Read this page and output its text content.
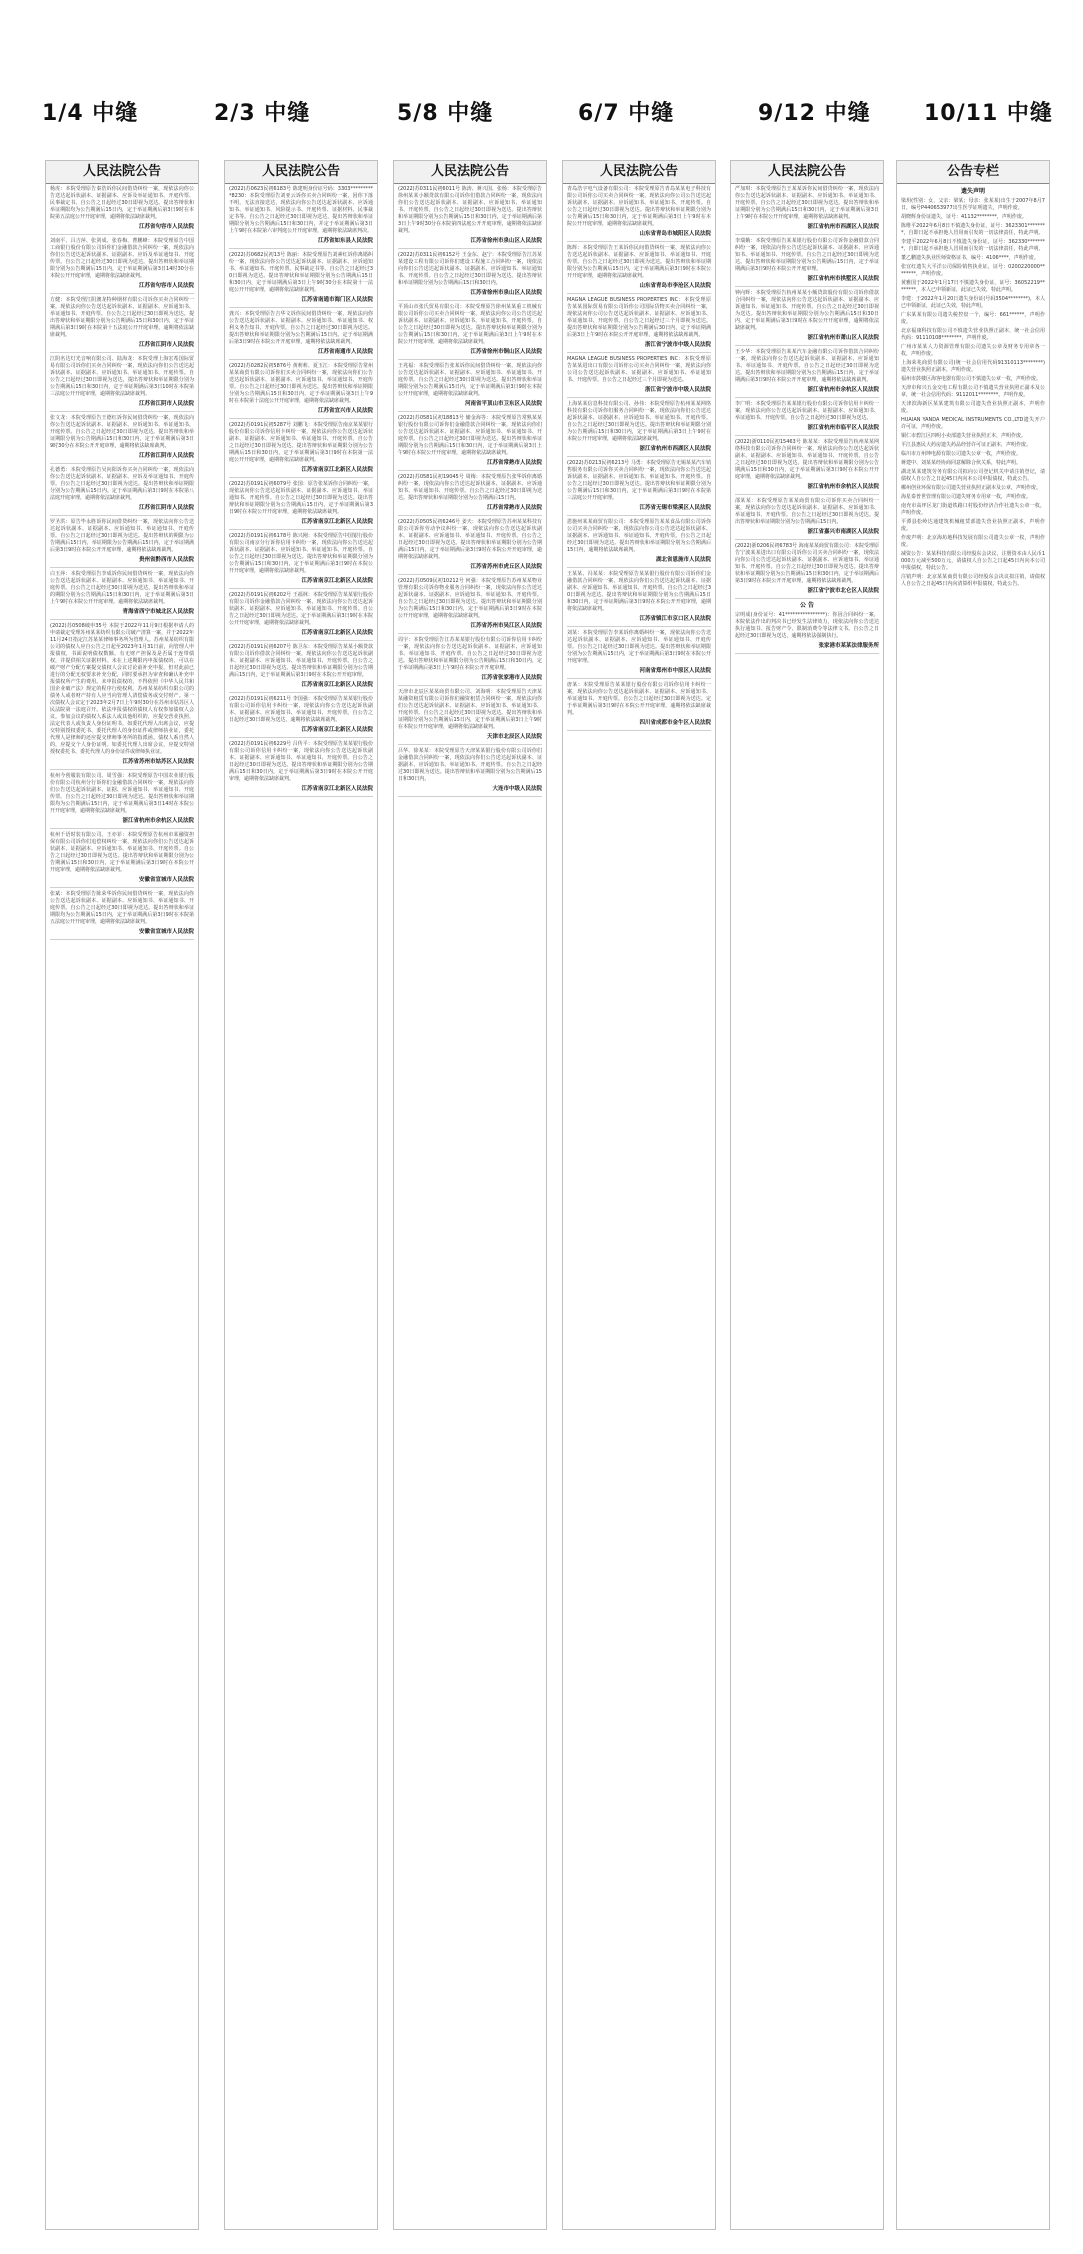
1/4 中缝	2/3 中缝	5/8 中缝	6/7 中缝	9/12 中缝 10/11 中缝
人民法院公告
杨虎：本院受理原告秦浩诉你民间借贷纠纷一案，现依法向你公告送达起诉状副本、证据副本、应诉及举证通知书、开庭传票、民事裁定书。自公告之日起经过30日即视为送达。提出答辩状和举证期限均为公告期满后15日内，定于举证期满后第3日9时在本院第五法庭公开开庭审理，逾期将依法缺席裁判。
江苏省句容市人民法院
刘南平、吕吉萍、张剑成、张春梅、曹鹏峰：本院受理原告中国工商银行股份有限公司诉你们金融借款合同纠纷一案，现依法向你们公告送达起诉状副本、证据副本、应诉及举证通知书、开庭传票。自公告之日起经过30日即视为送达。提出答辩状和举证期限分别为公告期满后15日内，定于举证期满后第3日14时30分在本院公开开庭审理，逾期将依法缺席裁判。
江苏省句容市人民法院
方健：本院受理江阴澳龙特种钢材有限公司诉你买卖合同纠纷一案，现依法向你公告送达起诉状副本、证据副本、应诉通知书、举证通知书、开庭传票。自公告之日起经过30日即视为送达。提出答辩状和举证期限分别为公告期满后15日和30日内，定于举证期满后第3日9时在本院第十五法庭公开开庭审理，逾期将依法缺席裁判。
江苏省江阴市人民法院
江阴名达灯光音响有限公司、陆海龙：本院受理上海宏希国际贸易有限公司诉你们买卖合同纠纷一案，现依法向你们公告送达起诉状副本、证据副本、应诉通知书、举证通知书、开庭传票。自公告之日起经过30日即视为送达，提出答辩状和举证期限分别为公告期满后15日和30日内，定于举证期满后第3日10时在本院第三法庭公开开庭审理，逾期将依法缺席裁判。
江苏省江阴市人民法院
张文龙：本院受理原告王德红诉你民间借贷纠纷一案，现依法向你公告送达起诉状副本、证据副本、应诉通知书、举证通知书、开庭传票。自公告之日起经过30日即视为送达。提出答辩状和举证期限分别为公告期满后15日和30日内，定于举证期满后第3日9时30分在本院公开开庭审理，逾期将依法缺席裁判。
江苏省江阴市人民法院
孔德勇：本院受理原告吴向阳诉你买卖合同纠纷一案，现依法向你公告送达起诉状副本、证据副本、应诉及举证通知书、开庭传票。自公告之日起经过30日即视为送达。提出答辩状和举证期限分别为公告期满后15日内。定于举证期满后第3日9时在本院第八法庭开庭审理，逾期将依法缺席裁判。
江苏省江阴市人民法院
罗圣洪：原告毕永胜诉你民间借贷纠纷一案，现依法向你公告送达起诉状副本、证据副本、应诉通知书、举证通知书、开庭传票。自公告之日起经过30日即视为送达。提出答辩状的期限为公告期满后15日内，举证期限为公告期满后15日内，定于举证期满后第3日9时在本院公开开庭审理，逾期将依法缺席裁判。
贵州省黔西市人民法院
白玉萍：本院受理原告李成诉你民间借贷纠纷一案，现依法向你公告送达起诉状副本、证据副本、应诉通知书、举证通知书、开庭传票。自公告之日起经过30日即视为送达，提出答辩状和举证的期限分别为公告期满后15日和30日内，定于举证期满后第3日上午9时在本院公开开庭审理，逾期将依法缺席裁判。
青海省西宁市城北区人民法院
(2022)苏0508破申35号 本院于2022年11月9日根据申请人的申请裁定受理苏州某某纺织有限公司破产清算一案，并于2022年11月24日指定江苏某某律师事务所为管理人。苏州某某纺织有限公司的债权人应自公告之日起至2023年1月31日前，向管理人申报债权，书面说明债权数额、有无财产担保及是否属于连带债权，并提供相关证据材料。未在上述期限内申报债权的，可以在破产财产分配方案提交债权人会议讨论前补充申报，但对此前已进行的分配无权要求补充分配，同时要承担为审查和确认补充申报债权所产生的费用。未申报债权的，不得依照《中华人民共和国企业破产法》规定的程序行使权利。苏州某某纺织有限公司的债务人或者财产持有人应当向管理人清偿债务或交付财产。第一次债权人会议定于2023年2月7日上午9时30分在苏州市姑苏区人民法院第一法庭召开。依法申报债权的债权人有权参加债权人会议。参加会议的债权人系法人或其他组织的，应提交营业执照、法定代表人或负责人身份证明书，如委托代理人出席会议，应提交特别授权委托书、委托代理人的身份证件或律师执业证，委托代理人是律师的还应提交律师事务所的指派函。债权人系自然人的，应提交个人身份证明。如委托代理人出席会议，应提交特别授权委托书、委托代理人的身份证件或律师执业证。
江苏省苏州市姑苏区人民法院
杭州今创服装有限公司、周雪强：本院受理原告中国农业银行股份有限公司杭州分行诉你们金融借款合同纠纷一案，现依法向你们公告送达起诉状副本、证据、应诉通知书、举证通知书、开庭传票。自公告之日起经过30日即视为送达。提出答辩状和举证期限均为公告期满后15日内，定于举证期满后第3日14时在本院公开开庭审理，逾期将依法缺席裁判。
浙江省杭州市余杭区人民法院
杭州千语时装有限公司、王亦菲：本院受理原告杭州市某融资担保有限公司诉你们追偿权纠纷一案，现依法向你们公告送达起诉状副本、证据副本、应诉通知书、举证通知书、开庭传票。自公告之日起经过30日即视为送达。提出答辩状和举证期限分别为公告期满后15日和30日内，定于举证期满后第3日9时在本院公开开庭审理，逾期将依法缺席裁判。
安徽省宣城市人民法院
张斌：本院受理原告陈荣华诉你民间借贷纠纷一案，现依法向你公告送达起诉状副本、证据副本、应诉通知书、举证通知书、开庭传票。自公告之日起经过30日即视为送达。提出答辩状和举证期限均为公告期满后15日内，定于举证期满后第3日9时在本院第五法庭公开开庭审理，逾期将依法缺席裁判。
安徽省宣城市人民法院
人民法院公告
(2022)苏0623民初6183号 陈建明身份证号码：3303**********8230：本院受理原告刘亚云诉你买卖合同纠纷一案，因你下落不明，无法直接送达，现依法向你公告送达起诉状副本、应诉通知书、举证通知书、风险提示书、开庭传票、证据材料、民事裁定书等。自公告之日起经过30日即视为送达，提出答辩状和举证期限分别为公告期满后15日和30日内，并定于举证期满后第3日上午9时在本院第六审判庭公开开庭审理，逾期将依法缺席判决。
江苏省如东县人民法院
(2022)苏0682民初13号 陈丽：本院受理原告刘素红诉你离婚纠纷一案，现依法向你公告送达起诉状副本、证据副本、应诉通知书、举证通知书、开庭传票、民事裁定书等。自公告之日起经过30日即视为送达。提出答辩状和举证期限分别为公告期满后15日和30日内，定于举证期满后第3日上午9时30分在本院第十一法庭公开开庭审理，逾期将依法缺席裁判。
江苏省南通市海门区人民法院
龚兴：本院受理原告吉华文诉你民间借贷纠纷一案，现依法向你公告送达起诉状副本、证据副本、应诉通知书、举证通知书、权利义务告知书、开庭传票。自公告之日起经过30日即视为送达。提出答辩状和举证期限分别为公告期满后15日内。定于举证期满后第3日9时在本院公开开庭审理，逾期将依法缺席裁判。
江苏省南通市人民法院
(2022)苏0282民初5876号 黄莉莉、夏玉江：本院受理原告常州某某商贸有限公司诉你们买卖合同纠纷一案，现依法向你们公告送达起诉状副本、证据副本、应诉通知书、举证通知书、开庭传票。自公告之日起经过30日即视为送达。提出答辩状和举证期限分别为公告期满后15日和30日内，定于举证期满后第3日上午9时在本院第十法庭公开开庭审理，逾期将依法缺席裁判。
江苏省宜兴市人民法院
(2022)苏0191民初5287号 刘鹏飞：本院受理原告南京某某银行股份有限公司诉你信用卡纠纷一案，现依法向你公告送达起诉状副本、证据副本、应诉通知书、举证通知书、开庭传票。自公告之日起经过30日即视为送达。提出答辩状和举证期限分别为公告期满后15日和30日内，定于举证期满后第3日9时在本院第一法庭公开开庭审理，逾期将依法缺席裁判。
江苏省南京江北新区人民法院
(2022)苏0191民初6079号 张国：原告张某诉你合同纠纷一案，现依法向你公告送达起诉状副本、证据副本、应诉通知书、举证通知书、开庭传票。自公告之日起经过30日即视为送达。提出答辩状和举证期限分别为公告期满后15日内，定于举证期满后第3日9时在本院公开开庭审理，逾期将依法缺席裁判。
江苏省南京江北新区人民法院
(2022)苏0191民初6178号 陈兴刚：本院受理原告中国银行股份有限公司南京分行诉你信用卡纠纷一案，现依法向你公告送达起诉状副本、证据副本、应诉通知书、举证通知书、开庭传票。自公告之日起经过30日即视为送达。提出答辩状和举证期限分别为公告期满后15日和30日内，定于举证期满后第3日9时在本院公开开庭审理，逾期将依法缺席裁判。
江苏省南京江北新区人民法院
(2022)苏0191民初6202号 王福林：本院受理原告某某银行股份有限公司诉你金融借款合同纠纷一案，现依法向你公告送达起诉状副本、证据副本、应诉通知书、举证通知书、开庭传票。自公告之日起经过30日即视为送达。定于举证期满后第3日9时在本院公开开庭审理，逾期将依法缺席裁判。
江苏省南京江北新区人民法院
(2022)苏0191民初6207号 陈卫东：本院受理原告某某小额贷款有限公司诉你借款合同纠纷一案，现依法向你公告送达起诉状副本、证据副本、应诉通知书、举证通知书、开庭传票。自公告之日起经过30日即视为送达。提出答辩状和举证期限分别为公告期满后15日内，定于举证期满后第3日9时在本院公开开庭审理。
江苏省南京江北新区人民法院
(2022)苏0191民初6211号 李国强：本院受理原告某某银行股份有限公司诉你信用卡纠纷一案，现依法向你公告送达起诉状副本、证据副本、应诉通知书、举证通知书、开庭传票。自公告之日起经过30日即视为送达，逾期将依法缺席裁判。
江苏省南京江北新区人民法院
(2022)苏0191民初6229号 吕传平：本院受理原告某某银行股份有限公司诉你信用卡纠纷一案，现依法向你公告送达起诉状副本、证据副本、应诉通知书、举证通知书、开庭传票。自公告之日起经过30日即视为送达。提出答辩状和举证期限分别为公告期满后15日和30日内，定于举证期满后第3日9时在本院公开开庭审理，逾期将依法缺席裁判。
江苏省南京江北新区人民法院
人民法院公告
(2022)苏0311民初6011号 陈涛、蒋兴国、张杨：本院受理原告徐州某某小额贷款有限公司诉你们借款合同纠纷一案，现依法向你们公告送达起诉状副本、证据副本、应诉通知书、举证通知书、开庭传票。自公告之日起经过30日即视为送达。提出答辩状和举证期限分别为公告期满后15日和30日内，定于举证期满后第3日上午9时30分在本院第四法庭公开开庭审理，逾期将依法缺席裁判。
江苏省徐州市泉山区人民法院
(2022)苏0311民初6152号 王金东、赵宁：本院受理原告江苏某某建设工程有限公司诉你们建设工程施工合同纠纷一案，现依法向你们公告送达起诉状副本、证据副本、应诉通知书、举证通知书、开庭传票。自公告之日起经过30日即视为送达。提出答辩状和举证期限分别为公告期满后15日和30日内。
江苏省徐州市泉山区人民法院
平顶山市张氏贸易有限公司：本院受理原告徐州某某重工机械有限公司诉你公司买卖合同纠纷一案，现依法向你公司公告送达起诉状副本、证据副本、应诉通知书、举证通知书、开庭传票。自公告之日起经过30日即视为送达。提出答辩状和举证期限分别为公告期满后15日和30日内，定于举证期满后第3日上午9时在本院公开开庭审理，逾期将依法缺席裁判。
江苏省徐州市铜山区人民法院
王兆福：本院受理原告张某诉你民间借贷纠纷一案，现依法向你公告送达起诉状副本、证据副本、应诉通知书、举证通知书、开庭传票。自公告之日起经过30日即视为送达。提出答辩状和举证期限分别为公告期满后15日内，定于举证期满后第3日9时在本院公开开庭审理，逾期将依法缺席裁判。
河南省平顶山市卫东区人民法院
(2022)苏0581民初18813号 储金海等：本院受理原告常熟某某银行股份有限公司诉你们金融借款合同纠纷一案，现依法向你们公告送达起诉状副本、证据副本、应诉通知书、举证通知书、开庭传票。自公告之日起经过30日即视为送达。提出答辩状和举证期限分别为公告期满后15日和30日内，定于举证期满后第3日上午9时在本院公开开庭审理，逾期将依法缺席裁判。
江苏省常熟市人民法院
(2022)苏0581民初19045号 周梅：本院受理原告张华诉你离婚纠纷一案，现依法向你公告送达起诉状副本、证据副本、应诉通知书、举证通知书、开庭传票。自公告之日起经过30日即视为送达。提出答辩状和举证期限分别为公告期满后15日内。
江苏省常熟市人民法院
(2022)苏0505民初6246号 姜天：本院受理原告苏州某某科技有限公司诉你劳动争议纠纷一案，现依法向你公告送达起诉状副本、证据副本、应诉通知书、举证通知书、开庭传票。自公告之日起经过30日即视为送达。提出答辩状和举证期限分别为公告期满后15日内，定于举证期满后第3日9时在本院公开开庭审理，逾期将依法缺席裁判。
江苏省苏州市虎丘区人民法院
(2022)苏0509民初10212号 何强：本院受理原告苏州某某物业管理有限公司诉你物业服务合同纠纷一案，现依法向你公告送达起诉状副本、证据副本、应诉通知书、举证通知书、开庭传票。自公告之日起经过30日即视为送达。提出答辩状和举证期限分别为公告期满后15日和30日内，定于举证期满后第3日9时在本院公开开庭审理，逾期将依法缺席裁判。
江苏省苏州市吴江区人民法院
周宇：本院受理原告江苏某某银行股份有限公司诉你信用卡纠纷一案，现依法向你公告送达起诉状副本、证据副本、应诉通知书、举证通知书、开庭传票。自公告之日起经过30日即视为送达。提出答辩状和举证期限分别为公告期满后15日和30日内，定于举证期满后第3日上午9时在本院公开开庭审理。
江苏省张家港市人民法院
天津市北辰区某某商贸有限公司、刘海明：本院受理原告天津某某融资租赁有限公司诉你们融资租赁合同纠纷一案，现依法向你们公告送达起诉状副本、证据副本、应诉通知书、举证通知书、开庭传票。自公告之日起经过30日即视为送达。提出答辩状和举证期限分别为公告期满后15日内，定于举证期满后第3日上午9时在本院公开开庭审理，逾期将依法缺席裁判。
天津市北辰区人民法院
吕华、徐某某：本院受理原告天津某某银行股份有限公司诉你们金融借款合同纠纷一案，现依法向你们公告送达起诉状副本、证据副本、应诉通知书、举证通知书、开庭传票。自公告之日起经过30日即视为送达。提出答辩状和举证期限分别为公告期满后15日和30日内。
大连市中级人民法院
人民法院公告
青岛浩宇电气设备有限公司：本院受理原告青岛某某电子科技有限公司诉你公司买卖合同纠纷一案，现依法向你公司公告送达起诉状副本、证据副本、应诉通知书、举证通知书、开庭传票。自公告之日起经过30日即视为送达。提出答辩状和举证期限分别为公告期满后15日和30日内，定于举证期满后第3日上午9时在本院公开开庭审理，逾期将依法缺席裁判。
山东省青岛市城阳区人民法院
陈辉：本院受理原告王某诉你民间借贷纠纷一案，现依法向你公告送达起诉状副本、证据副本、应诉通知书、举证通知书、开庭传票。自公告之日起经过30日即视为送达。提出答辩状和举证期限分别为公告期满后15日内，定于举证期满后第3日9时在本院公开开庭审理，逾期将依法缺席裁判。
山东省青岛市李沧区人民法院
MAGNA LEAGUE BUSINESS PROPERTIES INC：本院受理原告某某国际贸易有限公司诉你公司国际货物买卖合同纠纷一案，现依法向你公司公告送达起诉状副本、证据副本、应诉通知书、举证通知书、开庭传票。自公告之日起经过三个月即视为送达。提出答辩状和举证期限分别为公告期满后30日内，定于举证期满后第3日上午9时在本院公开开庭审理，逾期将依法缺席裁判。
浙江省宁波市中级人民法院
MAGNA LEAGUE BUSINESS PROPERTIES INC：本院受理原告某某进出口有限公司诉你公司买卖合同纠纷一案，现依法向你公司公告送达起诉状副本、证据副本、应诉通知书、举证通知书、开庭传票。自公告之日起经过三个月即视为送达。
浙江省宁波市中级人民法院
上海某某信息科技有限公司、孙伟：本院受理原告杭州某某网络科技有限公司诉你们服务合同纠纷一案，现依法向你们公告送达起诉状副本、证据副本、应诉通知书、举证通知书、开庭传票。自公告之日起经过30日即视为送达。提出答辩状和举证期限分别为公告期满后15日和30日内，定于举证期满后第3日上午9时在本院公开开庭审理，逾期将依法缺席裁判。
浙江省杭州市西湖区人民法院
(2022)苏0213民初6213号 马勇：本院受理原告无锡某某汽车销售服务有限公司诉你买卖合同纠纷一案，现依法向你公告送达起诉状副本、证据副本、应诉通知书、举证通知书、开庭传票。自公告之日起经过30日即视为送达。提出答辩状和举证期限分别为公告期满后15日和30日内，定于举证期满后第3日9时在本院第三法庭公开开庭审理。
江苏省无锡市梁溪区人民法院
恩施州某某商贸有限公司：本院受理原告某某食品有限公司诉你公司买卖合同纠纷一案，现依法向你公司公告送达起诉状副本、证据副本、应诉通知书、举证通知书、开庭传票。自公告之日起经过30日即视为送达。提出答辩状和举证期限分别为公告期满后15日内，逾期将依法缺席裁判。
湖北省恩施市人民法院
王某某、冯某某：本院受理原告某某银行股份有限公司诉你们金融借款合同纠纷一案，现依法向你们公告送达起诉状副本、证据副本、应诉通知书、举证通知书、开庭传票。自公告之日起经过30日即视为送达。提出答辩状和举证期限分别为公告期满后15日和30日内，定于举证期满后第3日9时在本院公开开庭审理，逾期将依法缺席裁判。
江苏省镇江市京口区人民法院
刘某：本院受理原告李某诉你离婚纠纷一案，现依法向你公告送达起诉状副本、证据副本、应诉通知书、举证通知书、开庭传票。自公告之日起经过30日即视为送达。提出答辩状和举证期限分别为公告期满后15日内，定于举证期满后第3日9时在本院公开开庭审理。
河南省郑州市中原区人民法院
唐某：本院受理原告某某银行股份有限公司诉你信用卡纠纷一案，现依法向你公告送达起诉状副本、证据副本、应诉通知书、举证通知书、开庭传票。自公告之日起经过30日即视为送达。定于举证期满后第3日9时在本院公开开庭审理，逾期将依法缺席裁判。
四川省成都市金牛区人民法院
人民法院公告
严加琪：本院受理原告王某某诉你民间借贷纠纷一案，现依法向你公告送达起诉状副本、证据副本、应诉通知书、举证通知书、开庭传票。自公告之日起经过30日即视为送达。提出答辩状和举证期限分别为公告期满后15日和30日内，定于举证期满后第3日上午9时在本院公开开庭审理，逾期将依法缺席裁判。
浙江省杭州市西湖区人民法院
李瑞娥：本院受理原告某某银行股份有限公司诉你金融借款合同纠纷一案，现依法向你公告送达起诉状副本、证据副本、应诉通知书、举证通知书、开庭传票。自公告之日起经过30日即视为送达。提出答辩状和举证期限分别为公告期满后15日内，定于举证期满后第3日9时在本院公开开庭审理。
浙江省杭州市拱墅区人民法院
钟向辉：本院受理原告杭州某某小额贷款股份有限公司诉你借款合同纠纷一案，现依法向你公告送达起诉状副本、证据副本、应诉通知书、举证通知书、开庭传票。自公告之日起经过30日即视为送达。提出答辩状和举证期限分别为公告期满后15日和30日内，定于举证期满后第3日9时在本院公开开庭审理，逾期将依法缺席裁判。
浙江省杭州市萧山区人民法院
王少华：本院受理原告某某汽车金融有限公司诉你借款合同纠纷一案，现依法向你公告送达起诉状副本、证据副本、应诉通知书、举证通知书、开庭传票。自公告之日起经过30日即视为送达。提出答辩状和举证期限分别为公告期满后15日内，定于举证期满后第3日9时在本院公开开庭审理，逾期将依法缺席裁判。
浙江省杭州市余杭区人民法院
李广明：本院受理原告某某银行股份有限公司诉你信用卡纠纷一案，现依法向你公告送达起诉状副本、证据副本、应诉通知书、举证通知书、开庭传票。自公告之日起经过30日即视为送达。
浙江省杭州市临平区人民法院
(2022)浙0110民初15463号 陈某某：本院受理原告杭州某某网络科技有限公司诉你合同纠纷一案，现依法向你公告送达起诉状副本、证据副本、应诉通知书、举证通知书、开庭传票。自公告之日起经过30日即视为送达。提出答辩状和举证期限分别为公告期满后15日和30日内，定于举证期满后第3日9时在本院公开开庭审理，逾期将依法缺席裁判。
浙江省杭州市余杭区人民法院
邵某某：本院受理原告某某商贸有限公司诉你买卖合同纠纷一案，现依法向你公告送达起诉状副本、证据副本、应诉通知书、举证通知书、开庭传票。自公告之日起经过30日即视为送达。提出答辩状和举证期限分别为公告期满后15日内。
浙江省嘉兴市南湖区人民法院
(2022)浙0206民初6783号 海南某某商贸有限公司：本院受理原告宁波某某进出口有限公司诉你公司买卖合同纠纷一案，现依法向你公司公告送达起诉状副本、证据副本、应诉通知书、举证通知书、开庭传票。自公告之日起经过30日即视为送达。提出答辩状和举证期限分别为公告期满后15日和30日内，定于举证期满后第3日9时在本院公开开庭审理，逾期将依法缺席裁判。
浙江省宁波市北仑区人民法院
公 告
宗明成(身份证号：41****************)：你因合同纠纷一案，本院依法作出的判决书已经发生法律效力，现依法向你公告送达执行通知书、报告财产令、限制消费令等法律文书。自公告之日起经过30日即视为送达，逾期将依法强制执行。
张家港市某某法律服务所
公告专栏
遗失声明
梁玥(性别：女，父亲：梁某；母亲：张某某)出生于2007年8月7日，编号P440653977出生医学证明遗失，声明作废。
胡晓辉身份证遗失，证号：41132********，声明作废。
陈维平2022年6月8日不慎遗失身份证，证号：3623301********，自即日起不承担他人冒用而引发的一切法律责任，特此声明。
李建平2022年6月8日不慎遗失身份证，证号：362330********，自即日起不承担他人冒用而引发的一切法律责任，特此声明。
董乙鹏遗失执业医师资格证书，编号：4106****，声明作废。
张宜红遗失大平洋公司保险销售执业证，证号：0200220000********，声明作废。
黄雅国于2022年1月17日不慎遗失身份证，证号：36052219********，本人已申领新证，此证已失效，特此声明。
李建：于2022年1月20日遗失身份证(号码3504********)，本人已申领新证，此证已失效，特此声明。
广东某某有限公司遗失税控盘一个，编号：661******，声明作废。
北京福康科技有限公司不慎遗失营业执照正副本，统一社会信用代码：91110108********，声明作废。
广州市某某人力资源管理有限公司遗失公章及财务专用章各一枚，声明作废。
上海荣兆商贸有限公司(统一社会信用代码91310113********)遗失营业执照正副本，声明作废。
福州市鼓楼区海客电器有限公司不慎遗失公章一枚，声明作废。
天津市和兴五金交电工程有限公司不慎遗失营业执照正副本及公章，统一社会信用代码：9112011********，声明作废。
天津滨海新区某某建筑有限公司遗失营业执照正副本，声明作废。
HUAIAN YANDA MEDICAL INSTRUMENTS CO.,LTD遗失开户许可证，声明作废。
铜仁市碧江区四明小卖部遗失营业执照正本，声明作废。
平江县惠民大药房遗失药品经营许可证正副本，声明作废。
临川市万州坤电源有限公司遗失公章一枚，声明作废。
蒋建中、刘某某经协商同意解除合伙关系，特此声明。
湖北某某建筑劳务有限公司拟向公司登记机关申请注销登记，请债权人自公告之日起45日内向本公司申报债权，特此公告。
郴州创业环保有限公司遗失营业执照正副本及公章，声明作废。
海星泰普世管理有限公司遗失财务专用章一枚，声明作废。
南充市高坪区龙门街道铁路口村股份经济合作社遗失公章一枚，声明作废。
平潭县松岭达通建筑机械租赁部遗失营业执照正副本，声明作废。
作废声明：北京海坊地科技发展有限公司遗失公章一枚，声明作废。
减资公告：某某科技有限公司经股东会决议，注册资本由人民币1000万元减至500万元，请债权人自公告之日起45日内向本公司申报债权，特此公告。
注销声明：北京某某商贸有限公司经股东会决议拟注销，请债权人自公告之日起45日内向清算组申报债权，特此公告。
